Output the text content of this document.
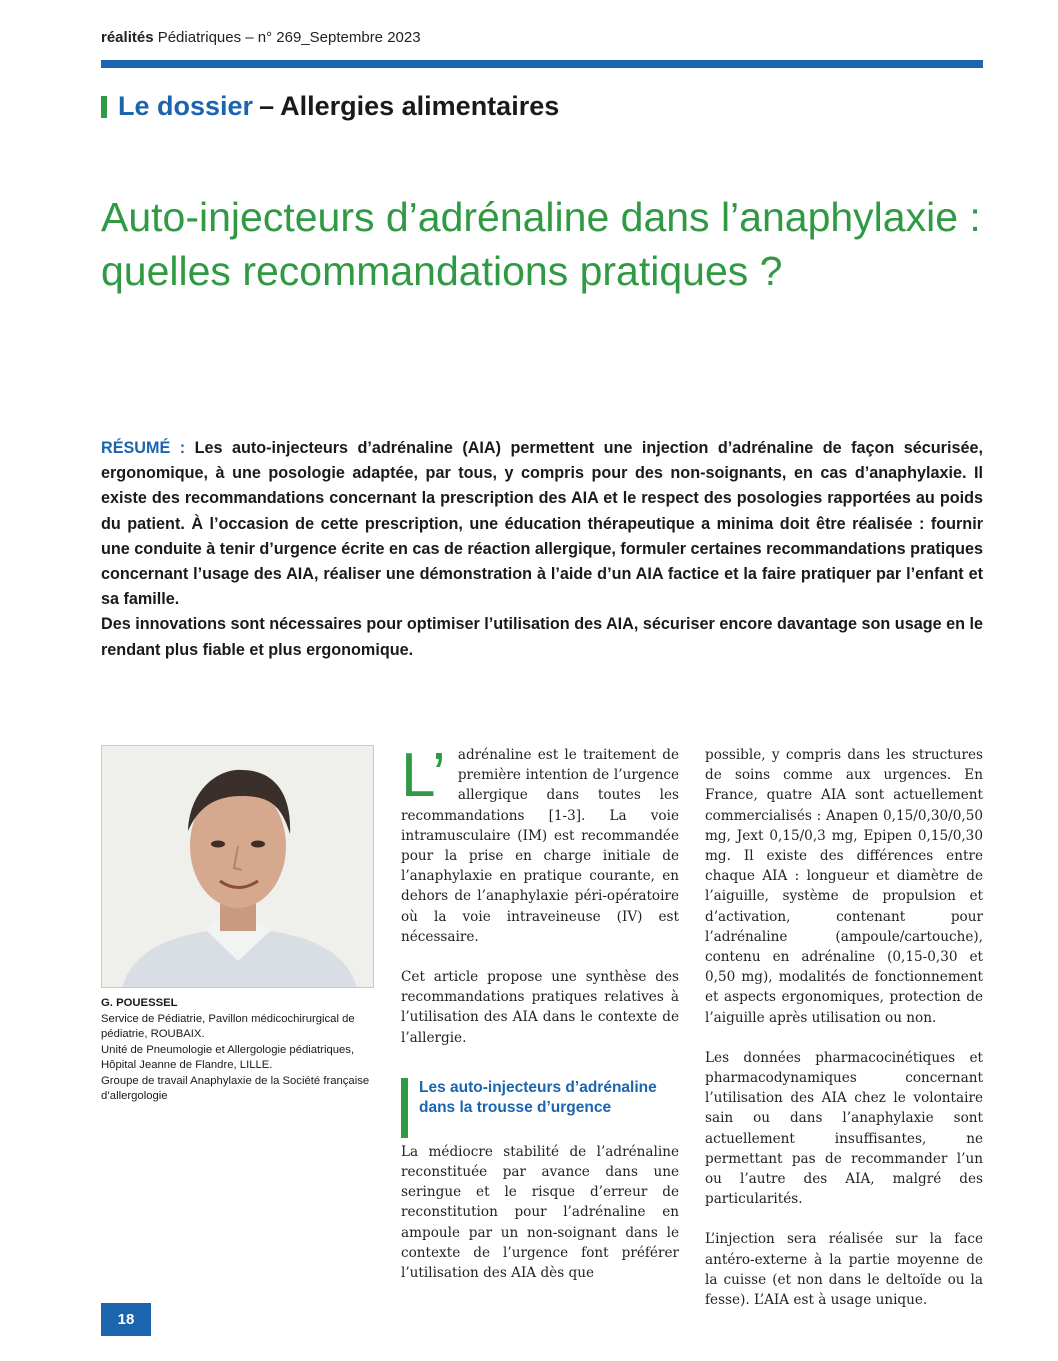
réalités Pédiatriques – n° 269_Septembre 2023
Le dossier – Allergies alimentaires
Auto-injecteurs d’adrénaline dans l’anaphylaxie : quelles recommandations pratiques ?

RÉSUMÉ : Les auto-injecteurs d’adrénaline (AIA) permettent une injection d’adrénaline de façon sécurisée, ergonomique, à une posologie adaptée, par tous, y compris pour des non-soignants, en cas d’anaphylaxie. Il existe des recommandations concernant la prescription des AIA et le respect des posologies rapportées au poids du patient. À l’occasion de cette prescription, une éducation thérapeutique a minima doit être réalisée : fournir une conduite à tenir d’urgence écrite en cas de réaction allergique, formuler certaines recommandations pratiques concernant l’usage des AIA, réaliser une démonstration à l’aide d’un AIA factice et la faire pratiquer par l’enfant et sa famille.

Des innovations sont nécessaires pour optimiser l’utilisation des AIA, sécuriser encore davantage son usage en le rendant plus fiable et plus ergonomique.

G. POUESSEL

Service de Pédiatrie, Pavillon médicochirurgical de pédiatrie, ROUBAIX.

Unité de Pneumologie et Allergologie pédiatriques, Hôpital Jeanne de Flandre, LILLE.

Groupe de travail Anaphylaxie de la Société française d’allergologie

L’ adrénaline est le traitement de première intention de l’urgence allergique dans toutes les recommandations [1-3]. La voie intramusculaire (IM) est recommandée pour la prise en charge initiale de l’anaphylaxie en pratique courante, en dehors de l’anaphylaxie péri-opératoire où la voie intraveineuse (IV) est nécessaire.

Cet article propose une synthèse des recommandations pratiques relatives à l’utilisation des AIA dans le contexte de l’allergie.

Les auto-injecteurs d’adrénaline dans la trousse d’urgence

La médiocre stabilité de l’adrénaline reconstituée par avance dans une seringue et le risque d’erreur de reconstitution pour l’adrénaline en ampoule par un non-soignant dans le contexte de l’urgence font préférer l’utilisation des AIA dès que

possible, y compris dans les structures de soins comme aux urgences. En France, quatre AIA sont actuellement commercialisés : Anapen 0,15/0,30/0,50 mg, Jext 0,15/0,3 mg, Epipen 0,15/0,30 mg. Il existe des différences entre chaque AIA : longueur et diamètre de l’aiguille, système de propulsion et d’activation, contenant pour l’adrénaline (ampoule/cartouche), contenu en adrénaline (0,15-0,30 et 0,50 mg), modalités de fonctionnement et aspects ergonomiques, protection de l’aiguille après utilisation ou non.

Les données pharmacocinétiques et pharmacodynamiques concernant l’utilisation des AIA chez le volontaire sain ou dans l’anaphylaxie sont actuellement insuffisantes, ne permettant pas de recommander l’un ou l’autre des AIA, malgré des particularités.

L’injection sera réalisée sur la face antéro-externe à la partie moyenne de la cuisse (et non dans le deltoïde ou la fesse). L’AIA est à usage unique.

18
